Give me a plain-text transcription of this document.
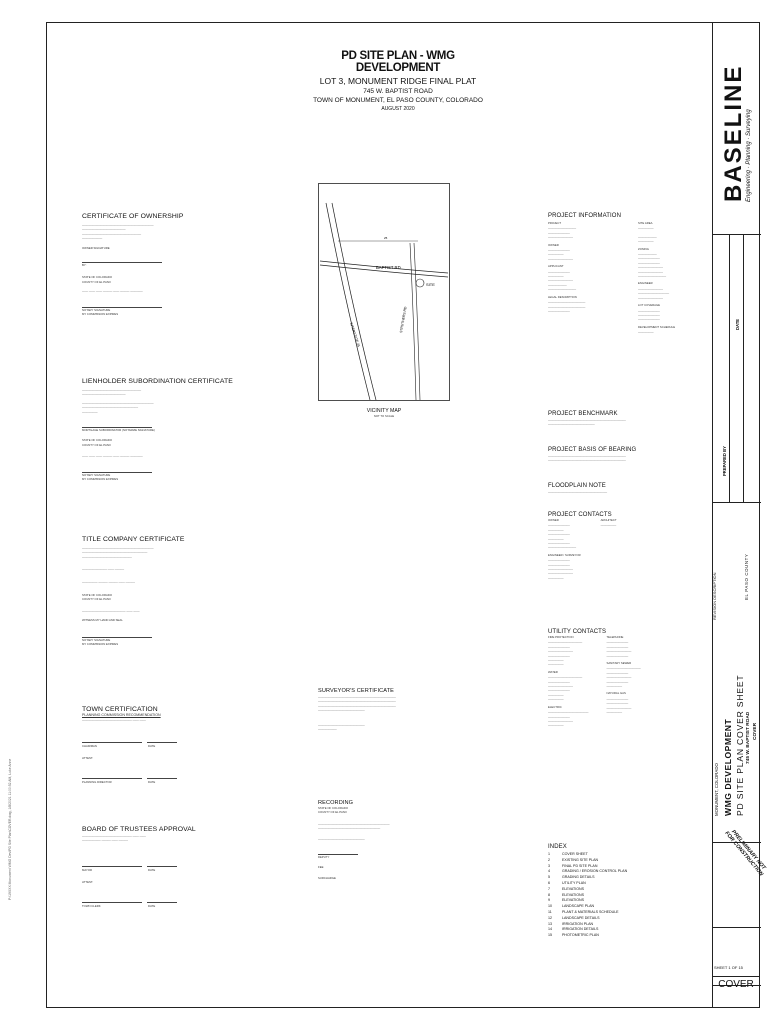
P:\19XXX Monument WMG Dev\PD Site Plan\COVER.dwg, 1/8/2021 11:00:52 AM, Luke Anne
PD SITE PLAN - WMG DEVELOPMENT
LOT 3, MONUMENT RIDGE FINAL PLAT
745 W. BAPTIST ROAD
TOWN OF MONUMENT, EL PASO COUNTY, COLORADO
AUGUST 2020
CERTIFICATE OF OWNERSHIP
______________________________________________
____________________________
______________________________________
_____________
OWNER SIGNATURE
BY:
STATE OF COLORADO
COUNTY OF EL PASO
____ ____ ____ ______ ____ ______ ________
NOTARY SIGNATURE
MY COMMISSION EXPIRES
LIENHOLDER SUBORDINATION CERTIFICATE
______________________________________
____________________________
______________________________________________
____________________________________
__________
MORTGAGE SUBORDINATOR (NOTARIZE SIGNATURE)
STATE OF COLORADO
COUNTY OF EL PASO
____ ____ ____ ______ ____ ______ ________
NOTARY SIGNATURE
MY COMMISSION EXPIRES
TITLE COMPANY CERTIFICATE
______________________________________________
__________________________________________
________________________________
________________ ____ ______
__________ ______ ______ ____ ______
STATE OF COLORADO
COUNTY OF EL PASO
____________________________ ____ ____
WITNESS MY HAND AND SEAL
NOTARY SIGNATURE
MY COMMISSION EXPIRES
TOWN CERTIFICATION
PLANNING COMMISSION RECOMMENDATION
________________________________ ____ ____
CHAIRMAN	DATE
ATTEST:
PLANNING DIRECTOR	DATE
BOARD OF TRUSTEES APPROVAL
________________________________ ____ ____
____________ ______ ____ ______
MAYOR	DATE
ATTEST:
TOWN CLERK	DATE
25
BAPTIST RD
SITE
STRUTHERS RD
INTERSTATE 25
VICINITY MAP
NOT TO SCALE
SURVEYOR'S CERTIFICATE
__________________________________________________
__________________________________________________
__________________________________________________
______________________________
______________________________
____________
RECORDING
STATE OF COLORADO
COUNTY OF EL PASO
______________________________________________
________________________________________
______________________________
DEPUTY
FEE
SURCHARGE
PROJECT INFORMATION
PROJECT
__________________
______________
________________
OWNER
______________
__________
________________
APPLICANT
______________
__________
________________
____________
__________________
LEGAL DESCRIPTION
________________________
________________________
______________
SITE AREA
__________
____________
__________
ZONING
____________
______________
______________
________________
________________
__________________
ENGINEER
________________
____________________
________________
LOT COVERAGE
______________
______________
______________
DEVELOPMENT SCHEDULE
__________
PROJECT BENCHMARK
__________________________________________________
______________________________
PROJECT BASIS OF BEARING
__________________________________________________
__________________________________________________
FLOODPLAIN NOTE
______________________________________
PROJECT CONTACTS
OWNER
______________
__________
______________
__________
______________
__________________
ENGINEER / SURVEYOR
______________
______________
________________
________________
__________
ARCHITECT
__________
UTILITY CONTACTS
FIRE PROTECTION
______________________
______________
________________
______________
__________
__________
WATER
______________________
______________
________________
______________
__________
__________
ELECTRIC
__________________________
______________
________________
__________
TELEPHONE
______________
______________
________________
______________
SANITARY SEWER
______________________
______________
________________
______________
__________
NATURAL GAS
______________
______________
________________
__________
INDEX
1	COVER SHEET
2	EXISTING SITE PLAN
3	FINAL PD SITE PLAN
4	GRADING / EROSION CONTROL PLAN
5	GRADING DETAILS
6	UTILITY PLAN
7	ELEVATIONS
8	ELEVATIONS
9	ELEVATIONS
10	LANDSCAPE PLAN
11	PLANT & MATERIALS SCHEDULE
12	LANDSCAPE DETAILS
13	IRRIGATION PLAN
14	IRRIGATION DETAILS
15	PHOTOMETRIC PLAN
BASELINE Engineering · Planning · Surveying
PREPARED BY
DATE
REVISION DESCRIPTION
WMG DEVELOPMENT PD SITE PLAN COVER SHEET 745 W. BAPTIST ROAD COVER
MONUMENT, COLORADO
EL PASO COUNTY
PRELIMINARY NOT FOR CONSTRUCTION
SHEET 1 OF 15
COVER
